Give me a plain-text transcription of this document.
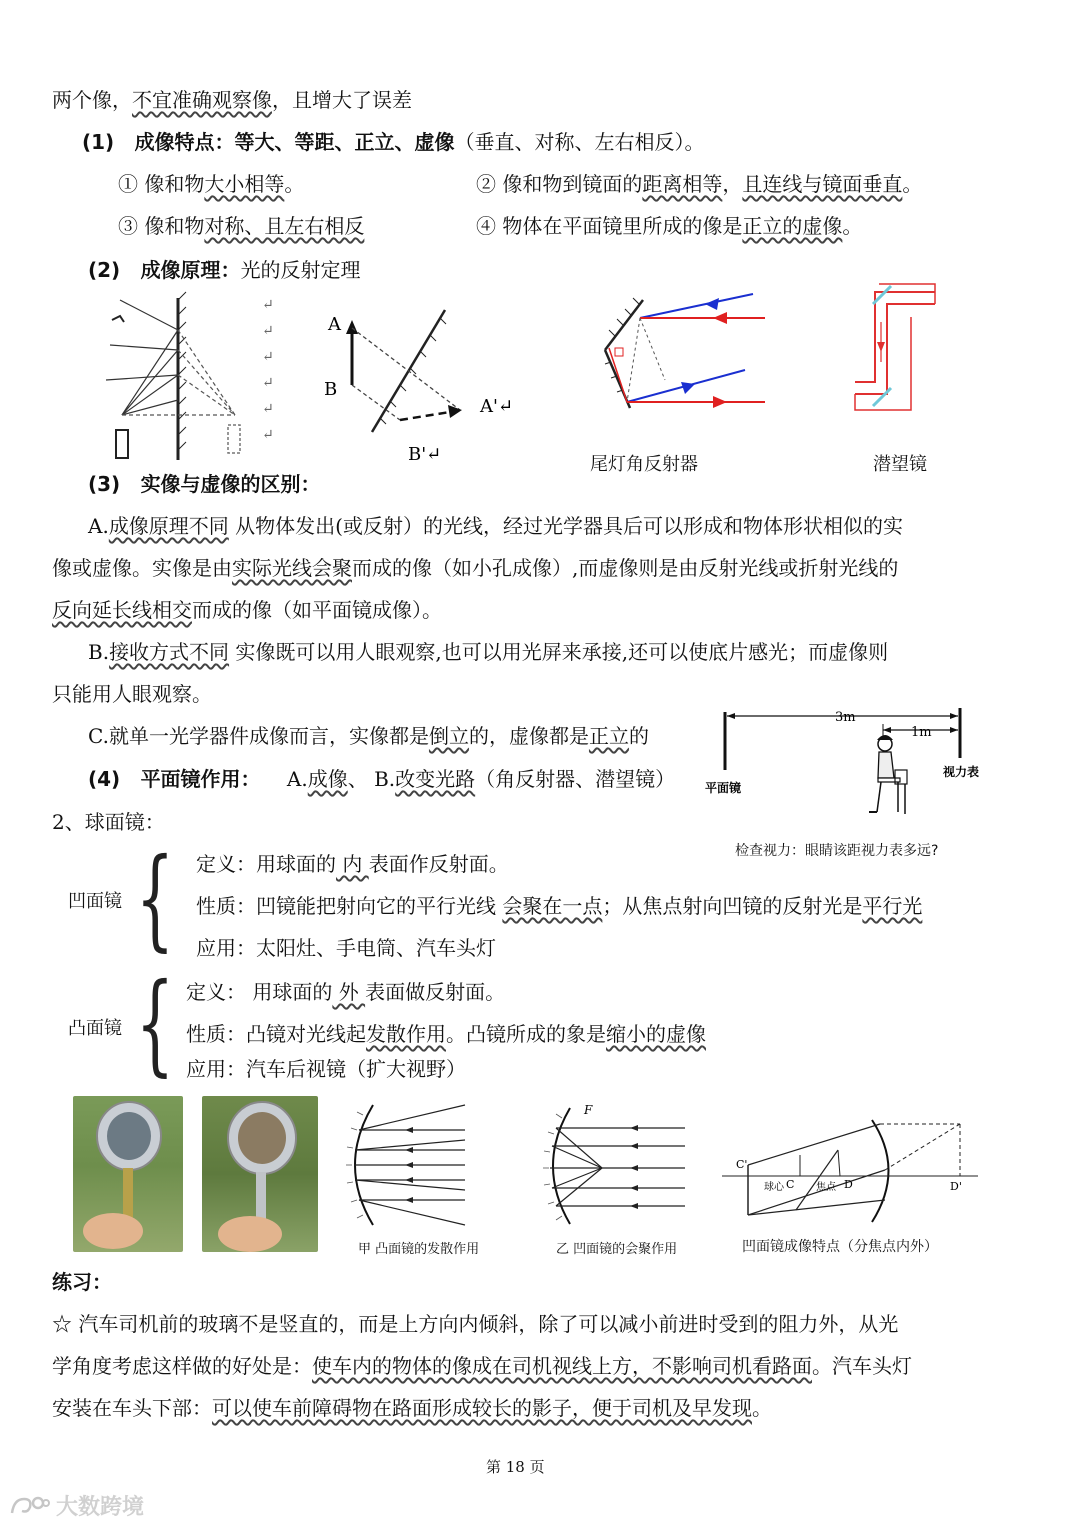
两个像，不宜准确观察像，且增大了误差
(1) 成像特点：等大、等距、正立、虚像（垂直、对称、左右相反）。
① 像和物大小相等。	② 像和物到镜面的距离相等，且连线与镜面垂直。
③ 像和物对称、且左右相反	④ 物体在平面镜里所成的像是正立的虚像。
(2) 成像原理：光的反射定理
↵
↵
↵
↵
↵
↵
A
B
A'↵
B'↵	尾灯角反射器	潜望镜
(3) 实像与虚像的区别：
A.成像原理不同 从物体发出(或反射）的光线，经过光学器具后可以形成和物体形状相似的实
像或虚像。实像是由实际光线会聚而成的像（如小孔成像）,而虚像则是由反射光线或折射光线的
反向延长线相交而成的像（如平面镜成像）。
B.接收方式不同 实像既可以用人眼观察,也可以用光屏来承接,还可以使底片感光；而虚像则
只能用人眼观察。
C.就单一光学器件成像而言，实像都是倒立的，虚像都是正立的
(4) 平面镜作用： A.成像、 B.改变光路（角反射器、潜望镜）
3m
1m
平面镜
视力表
检查视力：眼睛该距视力表多远?
2、球面镜：
凹面镜 { 定义：用球面的 内 表面作反射面。
性质：凹镜能把射向它的平行光线 会聚在一点；从焦点射向凹镜的反射光是平行光
应用：太阳灶、手电筒、汽车头灯
凸面镜 { 定义： 用球面的 外 表面做反射面。
性质：凸镜对光线起发散作用。凸镜所成的象是缩小的虚像
应用：汽车后视镜（扩大视野）
甲 凸面镜的发散作用
F
乙 凹面镜的会聚作用
C'
球心 C 焦点 D	D'
凹面镜成像特点（分焦点内外）
练习：
☆ 汽车司机前的玻璃不是竖直的，而是上方向内倾斜，除了可以减小前进时受到的阻力外，从光
学角度考虑这样做的好处是：使车内的物体的像成在司机视线上方，不影响司机看路面。汽车头灯
安装在车头下部：可以使车前障碍物在路面形成较长的影子，便于司机及早发现。
第 18 页
大数跨境
